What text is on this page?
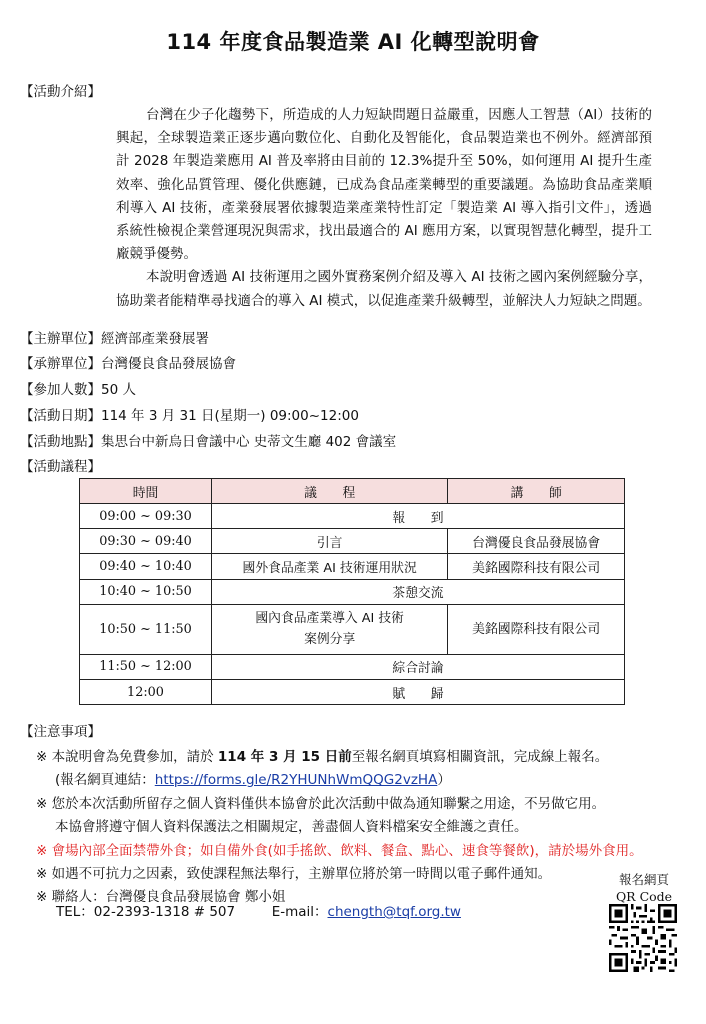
114 年度食品製造業 AI 化轉型說明會
【活動介紹】

台灣在少子化趨勢下，所造成的人力短缺問題日益嚴重，因應人工智慧（AI）技術的興起，全球製造業正逐步邁向數位化、自動化及智能化，食品製造業也不例外。經濟部預計 2028 年製造業應用 AI 普及率將由目前的 12.3%提升至 50%，如何運用 AI 提升生產效率、強化品質管理、優化供應鏈，已成為食品產業轉型的重要議題。為協助食品產業順利導入 AI 技術，產業發展署依據製造業產業特性訂定「製造業 AI 導入指引文件」，透過系統性檢視企業營運現況與需求，找出最適合的 AI 應用方案，以實現智慧化轉型，提升工廠競爭優勢。

本說明會透過 AI 技術運用之國外實務案例介紹及導入 AI 技術之國內案例經驗分享，協助業者能精準尋找適合的導入 AI 模式，以促進產業升級轉型，並解決人力短缺之問題。

【主辦單位】經濟部產業發展署
【承辦單位】台灣優良食品發展協會
【參加人數】50 人
【活動日期】114 年 3 月 31 日(星期一) 09:00~12:00
【活動地點】集思台中新烏日會議中心 史蒂文生廳 402 會議室
【活動議程】
時間	議　　程	講　　師
09:00 ~ 09:30	報　　到	
09:30 ~ 09:40	引言	台灣優良食品發展協會
09:40 ~ 10:40	國外食品產業 AI 技術運用狀況	美銘國際科技有限公司
10:40 ~ 10:50	茶憩交流	
10:50 ~ 11:50	國內食品產業導入 AI 技術
案例分享	美銘國際科技有限公司
11:50 ~ 12:00	綜合討論	
12:00	賦　　歸	
【注意事項】
※ 本說明會為免費參加，請於 114 年 3 月 15 日前至報名網頁填寫相關資訊，完成線上報名。
(報名網頁連結：https://forms.gle/R2YHUNhWmQQG2vzHA）
※ 您於本次活動所留存之個人資料僅供本協會於此次活動中做為通知聯繫之用途，不另做它用。
本協會將遵守個人資料保護法之相關規定，善盡個人資料檔案安全維護之責任。
※ 會場內部全面禁帶外食；如自備外食(如手搖飲、飲料、餐盒、點心、速食等餐飲)，請於場外食用。
※ 如遇不可抗力之因素，致使課程無法舉行，主辦單位將於第一時間以電子郵件通知。
※ 聯絡人：台灣優良食品發展協會 鄭小姐
TEL：02-2393-1318 # 507	E-mail：chength@tqf.org.tw
報名網頁
QR Code
